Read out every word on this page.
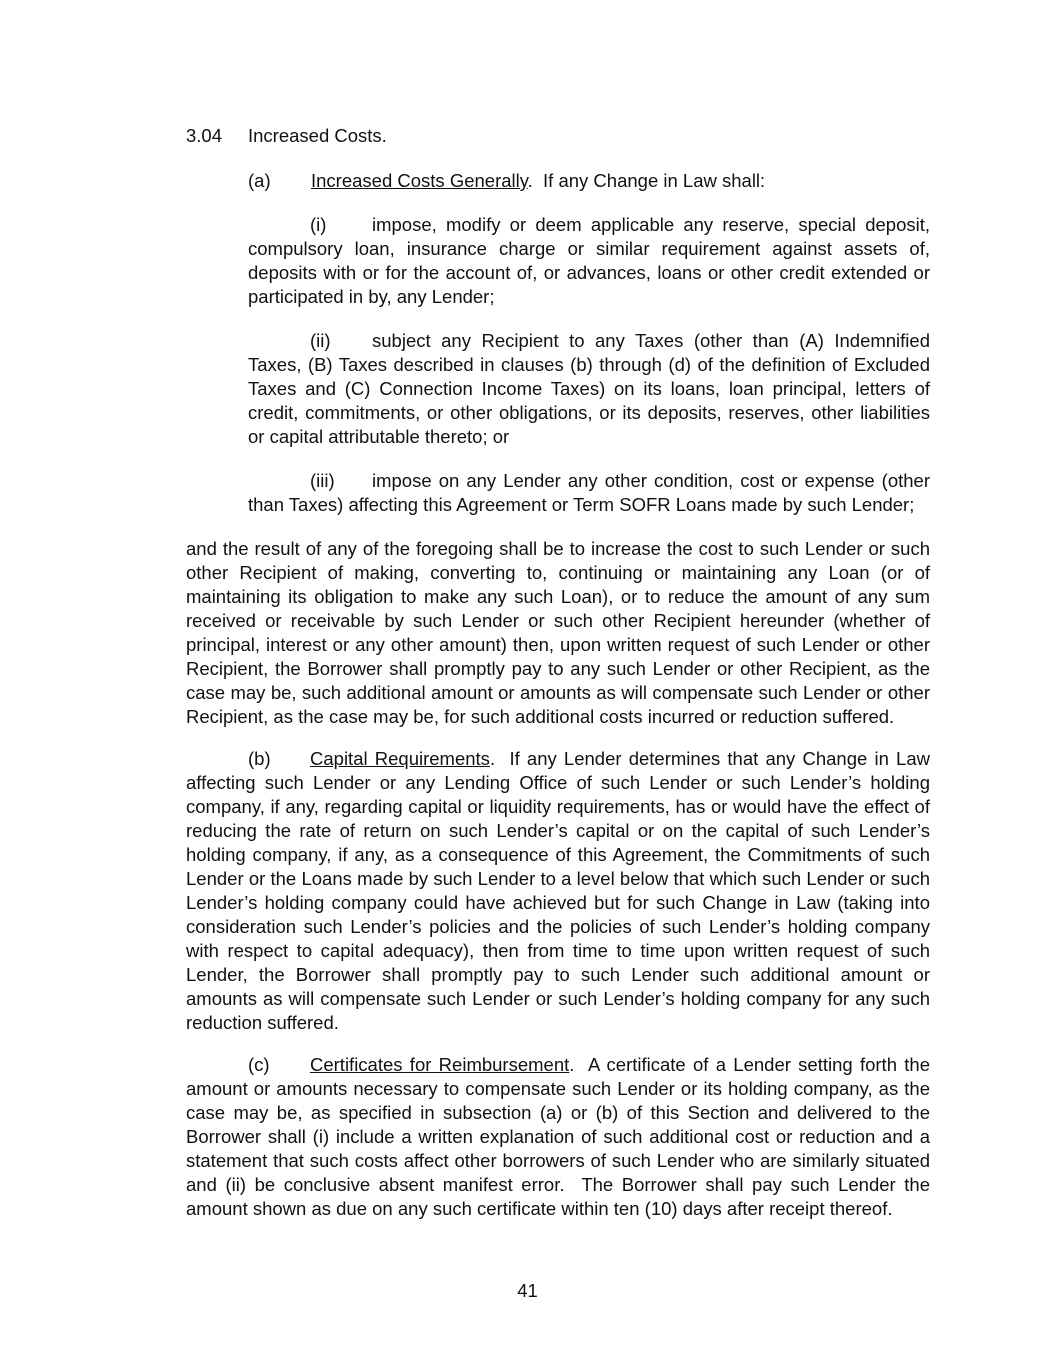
3.04 Increased Costs.

(a) Increased Costs Generally.  If any Change in Law shall:

(i) impose, modify or deem applicable any reserve, special deposit, compulsory loan, insurance charge or similar requirement against assets of, deposits with or for the account of, or advances, loans or other credit extended or participated in by, any Lender;

(ii) subject any Recipient to any Taxes (other than (A) Indemnified Taxes, (B) Taxes described in clauses (b) through (d) of the definition of Excluded Taxes and (C) Connection Income Taxes) on its loans, loan principal, letters of credit, commitments, or other obligations, or its deposits, reserves, other liabilities or capital attributable thereto; or

(iii) impose on any Lender any other condition, cost or expense (other than Taxes) affecting this Agreement or Term SOFR Loans made by such Lender;

and the result of any of the foregoing shall be to increase the cost to such Lender or such other Recipient of making, converting to, continuing or maintaining any Loan (or of maintaining its obligation to make any such Loan), or to reduce the amount of any sum received or receivable by such Lender or such other Recipient hereunder (whether of principal, interest or any other amount) then, upon written request of such Lender or other Recipient, the Borrower shall promptly pay to any such Lender or other Recipient, as the case may be, such additional amount or amounts as will compensate such Lender or other Recipient, as the case may be, for such additional costs incurred or reduction suffered.

(b) Capital Requirements.  If any Lender determines that any Change in Law affecting such Lender or any Lending Office of such Lender or such Lender’s holding company, if any, regarding capital or liquidity requirements, has or would have the effect of reducing the rate of return on such Lender’s capital or on the capital of such Lender’s holding company, if any, as a consequence of this Agreement, the Commitments of such Lender or the Loans made by such Lender to a level below that which such Lender or such Lender’s holding company could have achieved but for such Change in Law (taking into consideration such Lender’s policies and the policies of such Lender’s holding company with respect to capital adequacy), then from time to time upon written request of such Lender, the Borrower shall promptly pay to such Lender such additional amount or amounts as will compensate such Lender or such Lender’s holding company for any such reduction suffered.

(c) Certificates for Reimbursement.  A certificate of a Lender setting forth the amount or amounts necessary to compensate such Lender or its holding company, as the case may be, as specified in subsection (a) or (b) of this Section and delivered to the Borrower shall (i) include a written explanation of such additional cost or reduction and a statement that such costs affect other borrowers of such Lender who are similarly situated and (ii) be conclusive absent manifest error.  The Borrower shall pay such Lender the amount shown as due on any such certificate within ten (10) days after receipt thereof.

41
